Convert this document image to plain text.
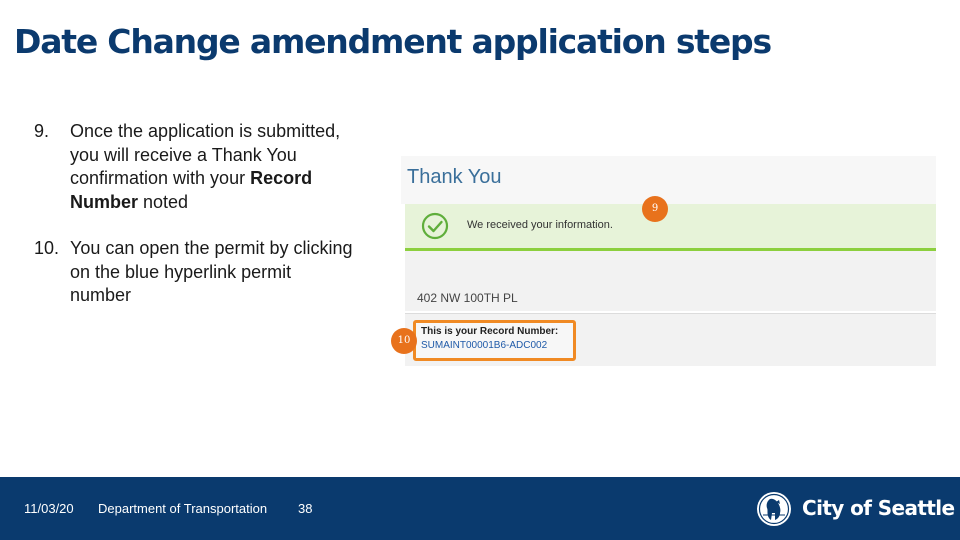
Date Change amendment application steps
9. Once the application is submitted, you will receive a Thank You confirmation with your Record Number noted
10. You can open the permit by clicking on the blue hyperlink permit number
Thank You
We received your information.
402 NW 100TH PL
This is your Record Number:
SUMAINT00001B6-ADC002
9
10
11/03/20 Department of Transportation 38	City of Seattle
